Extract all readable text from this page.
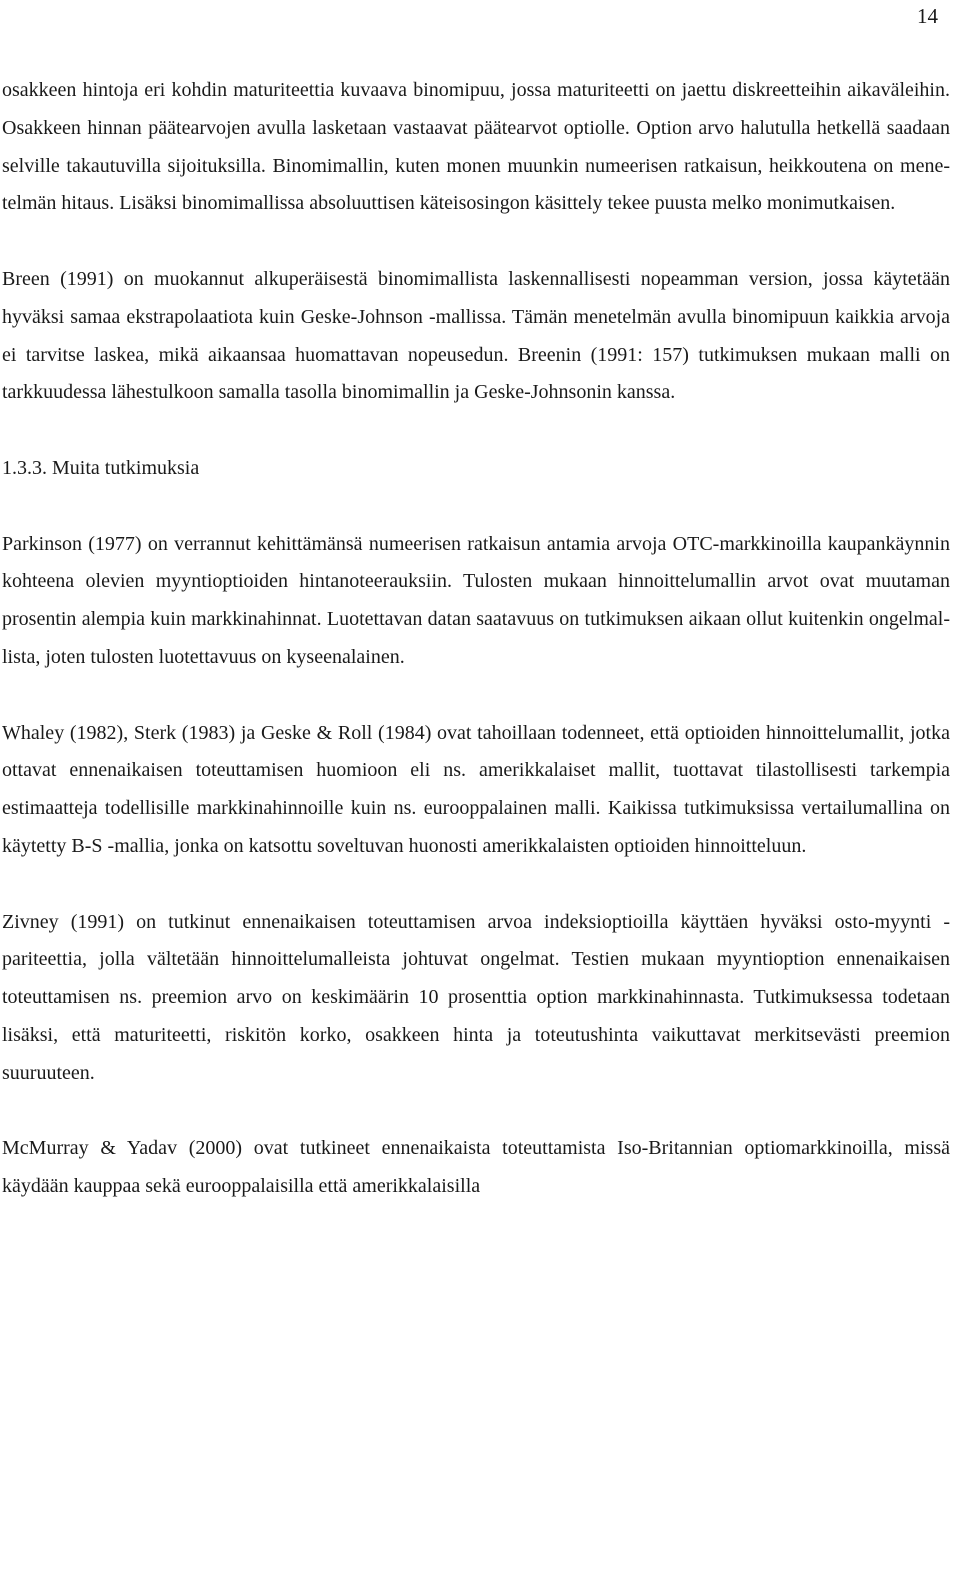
14

osakkeen hintoja eri kohdin maturiteettia kuvaava binomipuu, jossa maturiteetti on jaettu diskreetteihin aikaväleihin. Osakkeen hinnan päätearvojen avulla lasketaan vastaavat päätearvot optiolle. Option arvo halutulla hetkellä saadaan selville takautuvilla sijoituksilla. Binomimallin, kuten monen muunkin numeerisen ratkaisun, heikkoutena on menetelmän hitaus. Lisäksi binomimallissa absoluuttisen käteisosingon käsittely tekee puusta melko monimutkaisen.

Breen (1991) on muokannut alkuperäisestä binomimallista laskennallisesti nopeamman version, jossa käytetään hyväksi samaa ekstrapolaatiota kuin Geske-Johnson -mallissa. Tämän menetelmän avulla binomipuun kaikkia arvoja ei tarvitse laskea, mikä aikaansaa huomattavan nopeusedun. Breenin (1991: 157) tutkimuksen mukaan malli on tarkkuudessa lähestulkoon samalla tasolla binomimallin ja Geske-Johnsonin kanssa.

1.3.3. Muita tutkimuksia

Parkinson (1977) on verrannut kehittämänsä numeerisen ratkaisun antamia arvoja OTC-markkinoilla kaupankäynnin kohteena olevien myyntioptioiden hintanoteerauksiin. Tulosten mukaan hinnoittelumallin arvot ovat muutaman prosentin alempia kuin markkinahinnat. Luotettavan datan saatavuus on tutkimuksen aikaan ollut kuitenkin ongelmallista, joten tulosten luotettavuus on kyseenalainen.

Whaley (1982), Sterk (1983) ja Geske & Roll (1984) ovat tahoillaan todenneet, että optioiden hinnoittelumallit, jotka ottavat ennenaikaisen toteuttamisen huomioon eli ns. amerikkalaiset mallit, tuottavat tilastollisesti tarkempia estimaatteja todellisille markkinahinnoille kuin ns. eurooppalainen malli. Kaikissa tutkimuksissa vertailumallina on käytetty B-S -mallia, jonka on katsottu soveltuvan huonosti amerikkalaisten optioiden hinnoitteluun.

Zivney (1991) on tutkinut ennenaikaisen toteuttamisen arvoa indeksioptioilla käyttäen hyväksi osto-myynti -pariteettia, jolla vältetään hinnoittelumalleista johtuvat ongelmat. Testien mukaan myyntioption ennenaikaisen toteuttamisen ns. preemion arvo on keskimäärin 10 prosenttia option markkinahinnasta. Tutkimuksessa todetaan lisäksi, että maturiteetti, riskitön korko, osakkeen hinta ja toteutushinta vaikuttavat merkitsevästi preemion suuruuteen.

McMurray & Yadav (2000) ovat tutkineet ennenaikaista toteuttamista Iso-Britannian optiomarkkinoilla, missä käydään kauppaa sekä eurooppalaisilla että amerikkalaisilla
